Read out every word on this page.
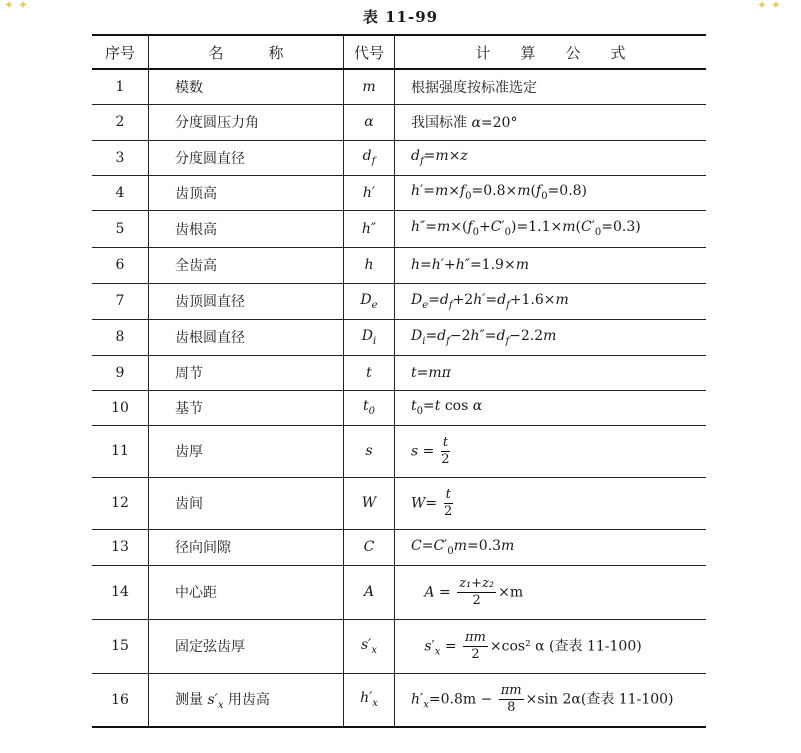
✦ ✦	✦ ✦
表 11-99
序号	名　　　称	代号	计　　算　　公　　式
1	模数	m	根据强度按标准选定
2	分度圆压力角	α	我国标准 α=20°
3	分度圆直径	$d_f$	$d_f=m\times z$
4	齿顶高	h′	$h'=m\times f_0=0.8\times m(f_0=0.8)$
5	齿根高	h″	$h''=m\times(f_0+C'_0)=1.1\times m(C'_0=0.3)$
6	全齿高	h	h=h′+h″=1.9×m
7	齿顶圆直径	$D_e$	$D_e=d_f+2h'=d_f+1.6\times m$
8	齿根圆直径	$D_i$	$D_i=d_f-2h''=d_f-2.2m$
9	周节	t	t=mπ
10	基节	$t_0$	$t_0=t$ cos α
11	齿厚	s	$s = \frac{t}{2}$

12	齿间	W	$W= \frac{t}{2}$

13	径向间隙	C	$C=C'_0m=0.3m$
14	中心距	A	$A = \frac{\text{z₁+z₂}}{2} \times m$
15	固定弦齿厚	$s'_x$	$s'_x = \frac{\pi m}{2} \times\cos^2$ α (查表 11-100)
16	测量 $s'_x$ 用齿高	$h'_x$	$h'_x=0.8m - \frac{\pi m}{8} \times\sin$ 2α(查表 11-100)
